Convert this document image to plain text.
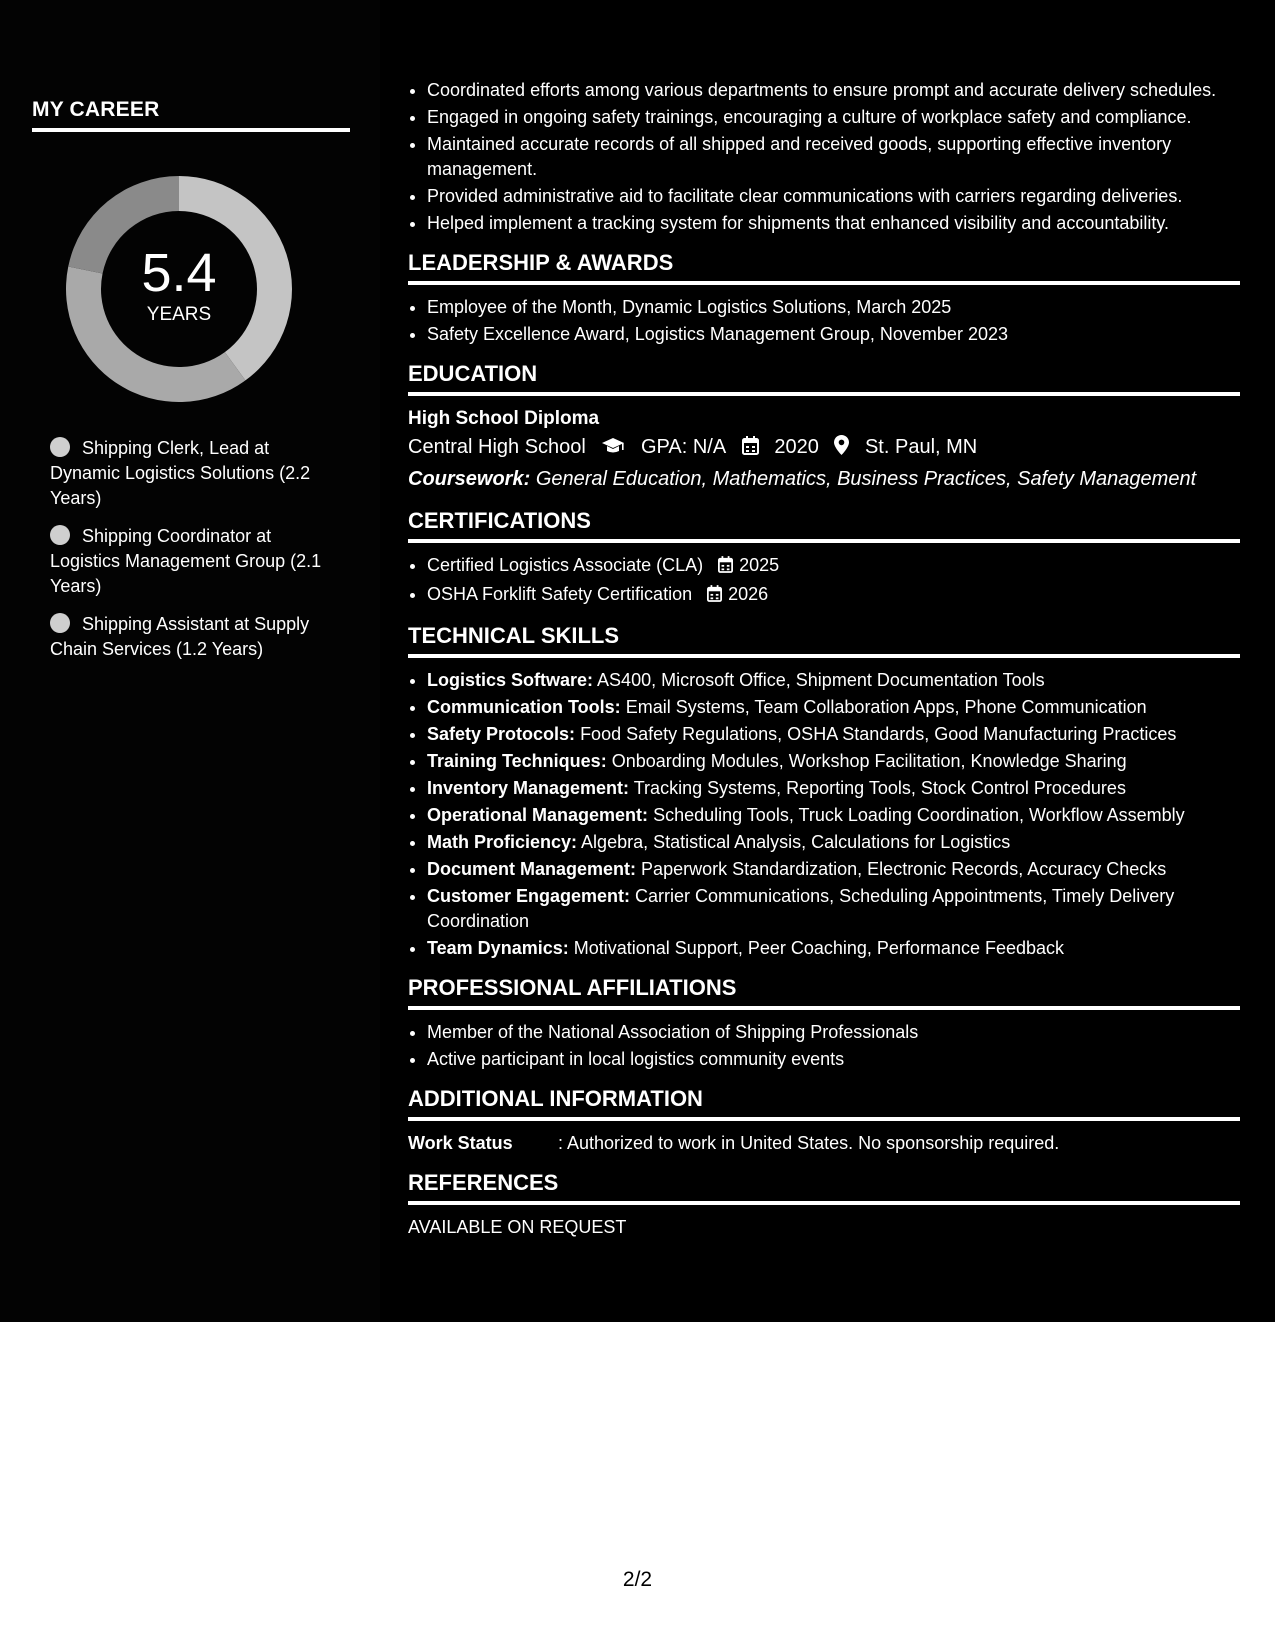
MY CAREER
5.4
YEARS
Shipping Clerk, Lead at Dynamic Logistics Solutions (2.2 Years)
Shipping Coordinator at Logistics Management Group (2.1 Years)
Shipping Assistant at Supply Chain Services (1.2 Years)
• Coordinated efforts among various departments to ensure prompt and accurate delivery schedules.
• Engaged in ongoing safety trainings, encouraging a culture of workplace safety and compliance.
• Maintained accurate records of all shipped and received goods, supporting effective inventory management.
• Provided administrative aid to facilitate clear communications with carriers regarding deliveries.
• Helped implement a tracking system for shipments that enhanced visibility and accountability.
LEADERSHIP & AWARDS
• Employee of the Month, Dynamic Logistics Solutions, March 2025
• Safety Excellence Award, Logistics Management Group, November 2023
EDUCATION
High School Diploma
Central High School	GPA: N/A 2020 St. Paul, MN
Coursework: General Education, Mathematics, Business Practices, Safety Management
CERTIFICATIONS
• Certified Logistics Associate (CLA) 2025
• OSHA Forklift Safety Certification 2026
TECHNICAL SKILLS
• Logistics Software: AS400, Microsoft Office, Shipment Documentation Tools
• Communication Tools: Email Systems, Team Collaboration Apps, Phone Communication
• Safety Protocols: Food Safety Regulations, OSHA Standards, Good Manufacturing Practices
• Training Techniques: Onboarding Modules, Workshop Facilitation, Knowledge Sharing
• Inventory Management: Tracking Systems, Reporting Tools, Stock Control Procedures
• Operational Management: Scheduling Tools, Truck Loading Coordination, Workflow Assembly
• Math Proficiency: Algebra, Statistical Analysis, Calculations for Logistics
• Document Management: Paperwork Standardization, Electronic Records, Accuracy Checks
• Customer Engagement: Carrier Communications, Scheduling Appointments, Timely Delivery Coordination
• Team Dynamics: Motivational Support, Peer Coaching, Performance Feedback
PROFESSIONAL AFFILIATIONS
• Member of the National Association of Shipping Professionals
• Active participant in local logistics community events
ADDITIONAL INFORMATION
Work Status	: Authorized to work in United States. No sponsorship required.
REFERENCES
AVAILABLE ON REQUEST
2/2
